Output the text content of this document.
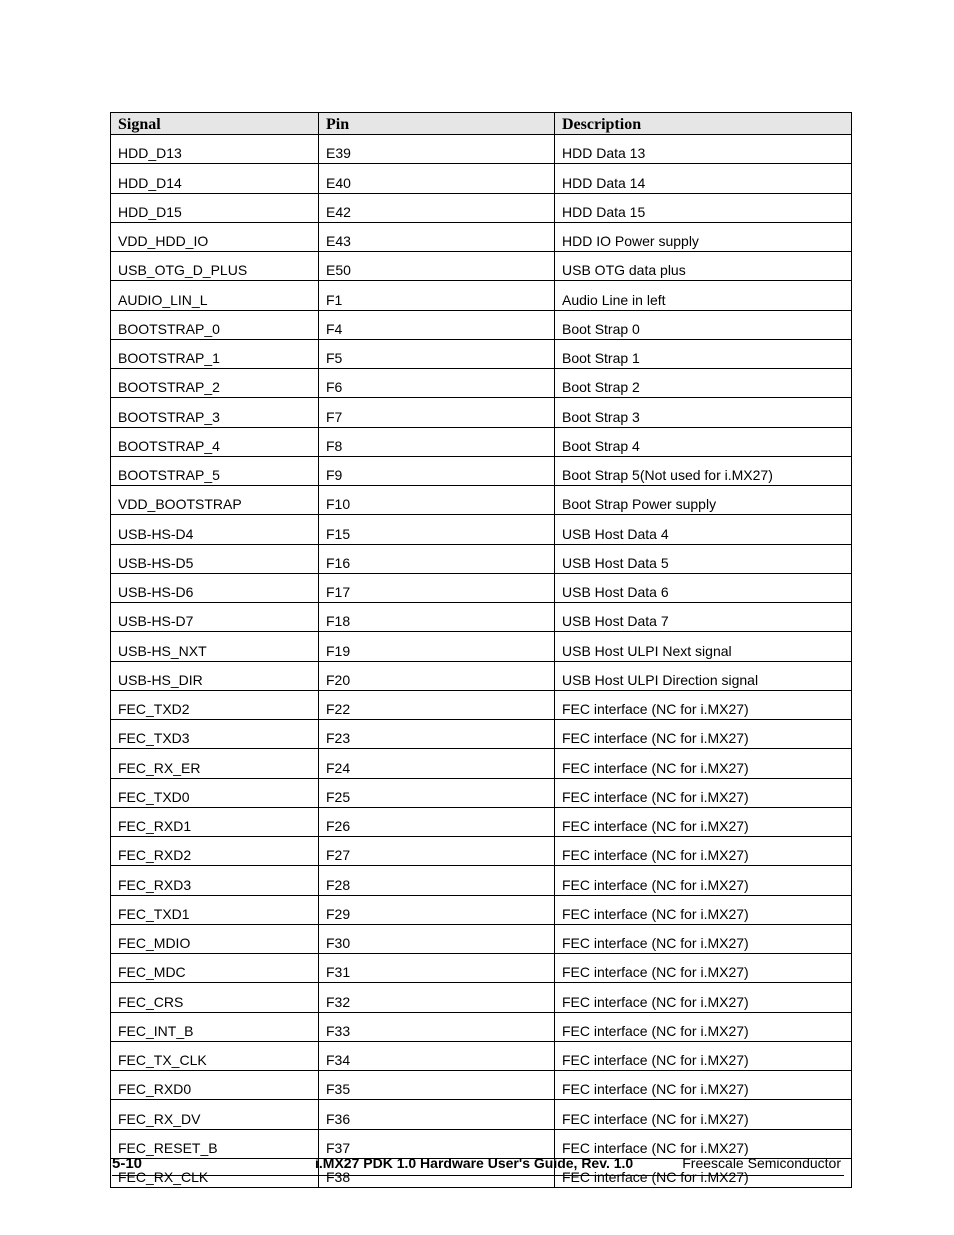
Signal	Pin	Description
HDD_D13	E39	HDD Data 13
HDD_D14	E40	HDD Data 14
HDD_D15	E42	HDD Data 15
VDD_HDD_IO	E43	HDD IO Power supply
USB_OTG_D_PLUS	E50	USB OTG data plus
AUDIO_LIN_L	F1	Audio Line in left
BOOTSTRAP_0	F4	Boot Strap 0
BOOTSTRAP_1	F5	Boot Strap 1
BOOTSTRAP_2	F6	Boot Strap 2
BOOTSTRAP_3	F7	Boot Strap 3
BOOTSTRAP_4	F8	Boot Strap 4
BOOTSTRAP_5	F9	Boot Strap 5(Not used for i.MX27)
VDD_BOOTSTRAP	F10	Boot Strap Power supply
USB-HS-D4	F15	USB Host Data 4
USB-HS-D5	F16	USB Host Data 5
USB-HS-D6	F17	USB Host Data 6
USB-HS-D7	F18	USB Host Data 7
USB-HS_NXT	F19	USB Host ULPI Next signal
USB-HS_DIR	F20	USB Host ULPI Direction signal
FEC_TXD2	F22	FEC interface (NC for i.MX27)
FEC_TXD3	F23	FEC interface (NC for i.MX27)
FEC_RX_ER	F24	FEC interface (NC for i.MX27)
FEC_TXD0	F25	FEC interface (NC for i.MX27)
FEC_RXD1	F26	FEC interface (NC for i.MX27)
FEC_RXD2	F27	FEC interface (NC for i.MX27)
FEC_RXD3	F28	FEC interface (NC for i.MX27)
FEC_TXD1	F29	FEC interface (NC for i.MX27)
FEC_MDIO	F30	FEC interface (NC for i.MX27)
FEC_MDC	F31	FEC interface (NC for i.MX27)
FEC_CRS	F32	FEC interface (NC for i.MX27)
FEC_INT_B	F33	FEC interface (NC for i.MX27)
FEC_TX_CLK	F34	FEC interface (NC for i.MX27)
FEC_RXD0	F35	FEC interface (NC for i.MX27)
FEC_RX_DV	F36	FEC interface (NC for i.MX27)
FEC_RESET_B	F37	FEC interface (NC for i.MX27)
FEC_RX_CLK	F38	FEC interface (NC for i.MX27)
5-10	i.MX27 PDK 1.0 Hardware User's Guide, Rev. 1.0	Freescale Semiconductor
